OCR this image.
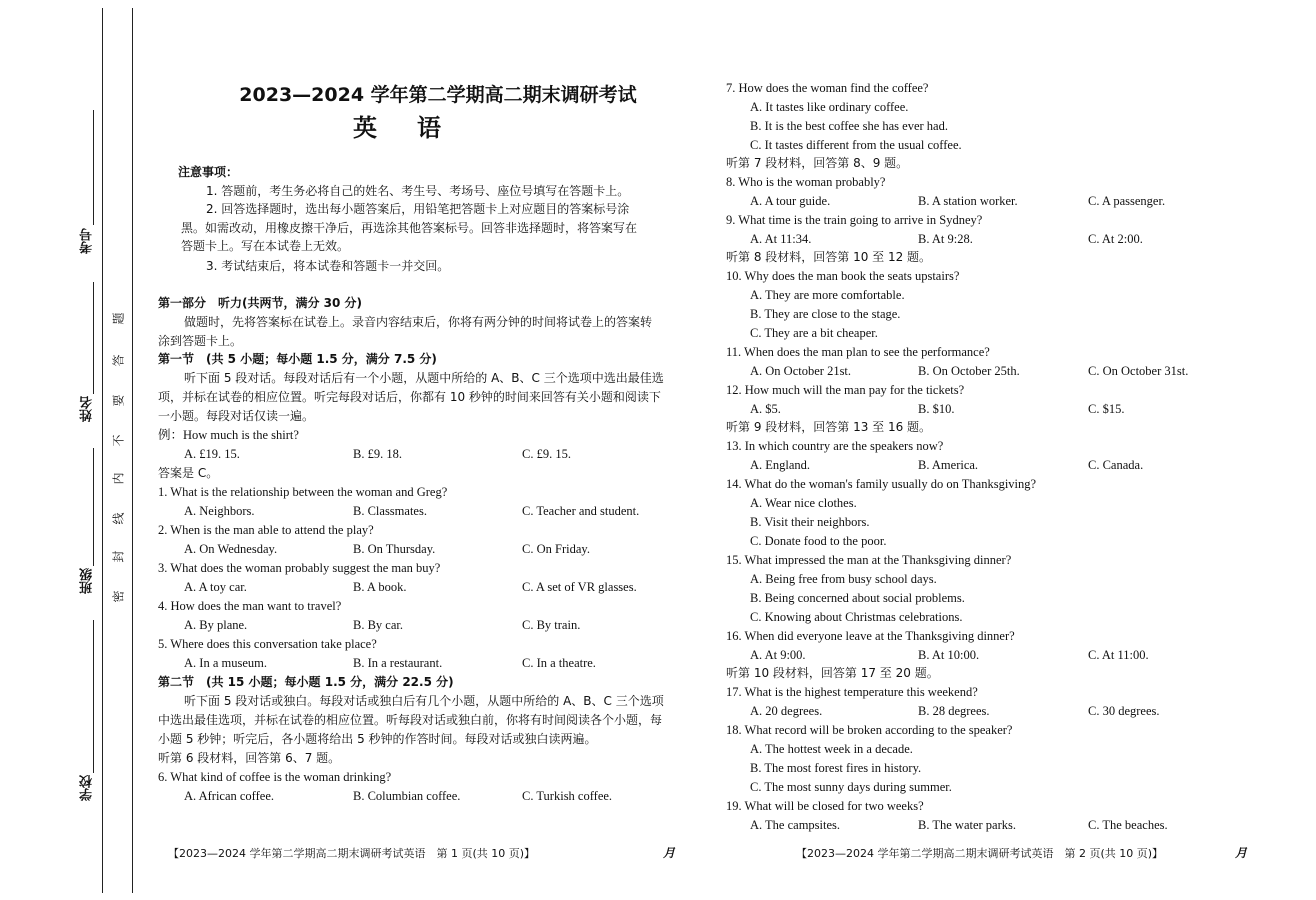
考号
姓名
班级
学校
题
答
要
不
内
线
封
密
2023—2024 学年第二学期高二期末调研考试
英语
注意事项：
1. 答题前，考生务必将自己的姓名、考生号、考场号、座位号填写在答题卡上。
2. 回答选择题时，选出每小题答案后，用铅笔把答题卡上对应题目的答案标号涂
黑。如需改动，用橡皮擦干净后，再选涂其他答案标号。回答非选择题时，将答案写在
答题卡上。写在本试卷上无效。
3. 考试结束后，将本试卷和答题卡一并交回。
第一部分　听力(共两节，满分 30 分)
做题时，先将答案标在试卷上。录音内容结束后，你将有两分钟的时间将试卷上的答案转
涂到答题卡上。
第一节　(共 5 小题；每小题 1.5 分，满分 7.5 分)
听下面 5 段对话。每段对话后有一个小题，从题中所给的 A、B、C 三个选项中选出最佳选
项，并标在试卷的相应位置。听完每段对话后，你都有 10 秒钟的时间来回答有关小题和阅读下
一小题。每段对话仅读一遍。
例：How much is the shirt?
A. £19. 15.	B. £9. 18.	C. £9. 15.
答案是 C。
1. What is the relationship between the woman and Greg?
A. Neighbors.	B. Classmates.	C. Teacher and student.
2. When is the man able to attend the play?
A. On Wednesday.	B. On Thursday.	C. On Friday.
3. What does the woman probably suggest the man buy?
A. A toy car.	B. A book.	C. A set of VR glasses.
4. How does the man want to travel?
A. By plane.	B. By car.	C. By train.
5. Where does this conversation take place?
A. In a museum.	B. In a restaurant.	C. In a theatre.
第二节　(共 15 小题；每小题 1.5 分，满分 22.5 分)
听下面 5 段对话或独白。每段对话或独白后有几个小题，从题中所给的 A、B、C 三个选项
中选出最佳选项，并标在试卷的相应位置。听每段对话或独白前，你将有时间阅读各个小题，每
小题 5 秒钟；听完后，各小题将给出 5 秒钟的作答时间。每段对话或独白读两遍。
听第 6 段材料，回答第 6、7 题。
6. What kind of coffee is the woman drinking?
A. African coffee.	B. Columbian coffee.	C. Turkish coffee.
【2023—2024 学年第二学期高二期末调研考试英语　第 1 页(共 10 页)】	月
7. How does the woman find the coffee?
A. It tastes like ordinary coffee.
B. It is the best coffee she has ever had.
C. It tastes different from the usual coffee.
听第 7 段材料，回答第 8、9 题。
8. Who is the woman probably?
A. A tour guide.	B. A station worker.	C. A passenger.
9. What time is the train going to arrive in Sydney?
A. At 11:34.	B. At 9:28.	C. At 2:00.
听第 8 段材料，回答第 10 至 12 题。
10. Why does the man book the seats upstairs?
A. They are more comfortable.
B. They are close to the stage.
C. They are a bit cheaper.
11. When does the man plan to see the performance?
A. On October 21st.	B. On October 25th.	C. On October 31st.
12. How much will the man pay for the tickets?
A. $5.	B. $10.	C. $15.
听第 9 段材料，回答第 13 至 16 题。
13. In which country are the speakers now?
A. England.	B. America.	C. Canada.
14. What do the woman's family usually do on Thanksgiving?
A. Wear nice clothes.
B. Visit their neighbors.
C. Donate food to the poor.
15. What impressed the man at the Thanksgiving dinner?
A. Being free from busy school days.
B. Being concerned about social problems.
C. Knowing about Christmas celebrations.
16. When did everyone leave at the Thanksgiving dinner?
A. At 9:00.	B. At 10:00.	C. At 11:00.
听第 10 段材料，回答第 17 至 20 题。
17. What is the highest temperature this weekend?
A. 20 degrees.	B. 28 degrees.	C. 30 degrees.
18. What record will be broken according to the speaker?
A. The hottest week in a decade.
B. The most forest fires in history.
C. The most sunny days during summer.
19. What will be closed for two weeks?
A. The campsites.	B. The water parks.	C. The beaches.
【2023—2024 学年第二学期高二期末调研考试英语　第 2 页(共 10 页)】	月
